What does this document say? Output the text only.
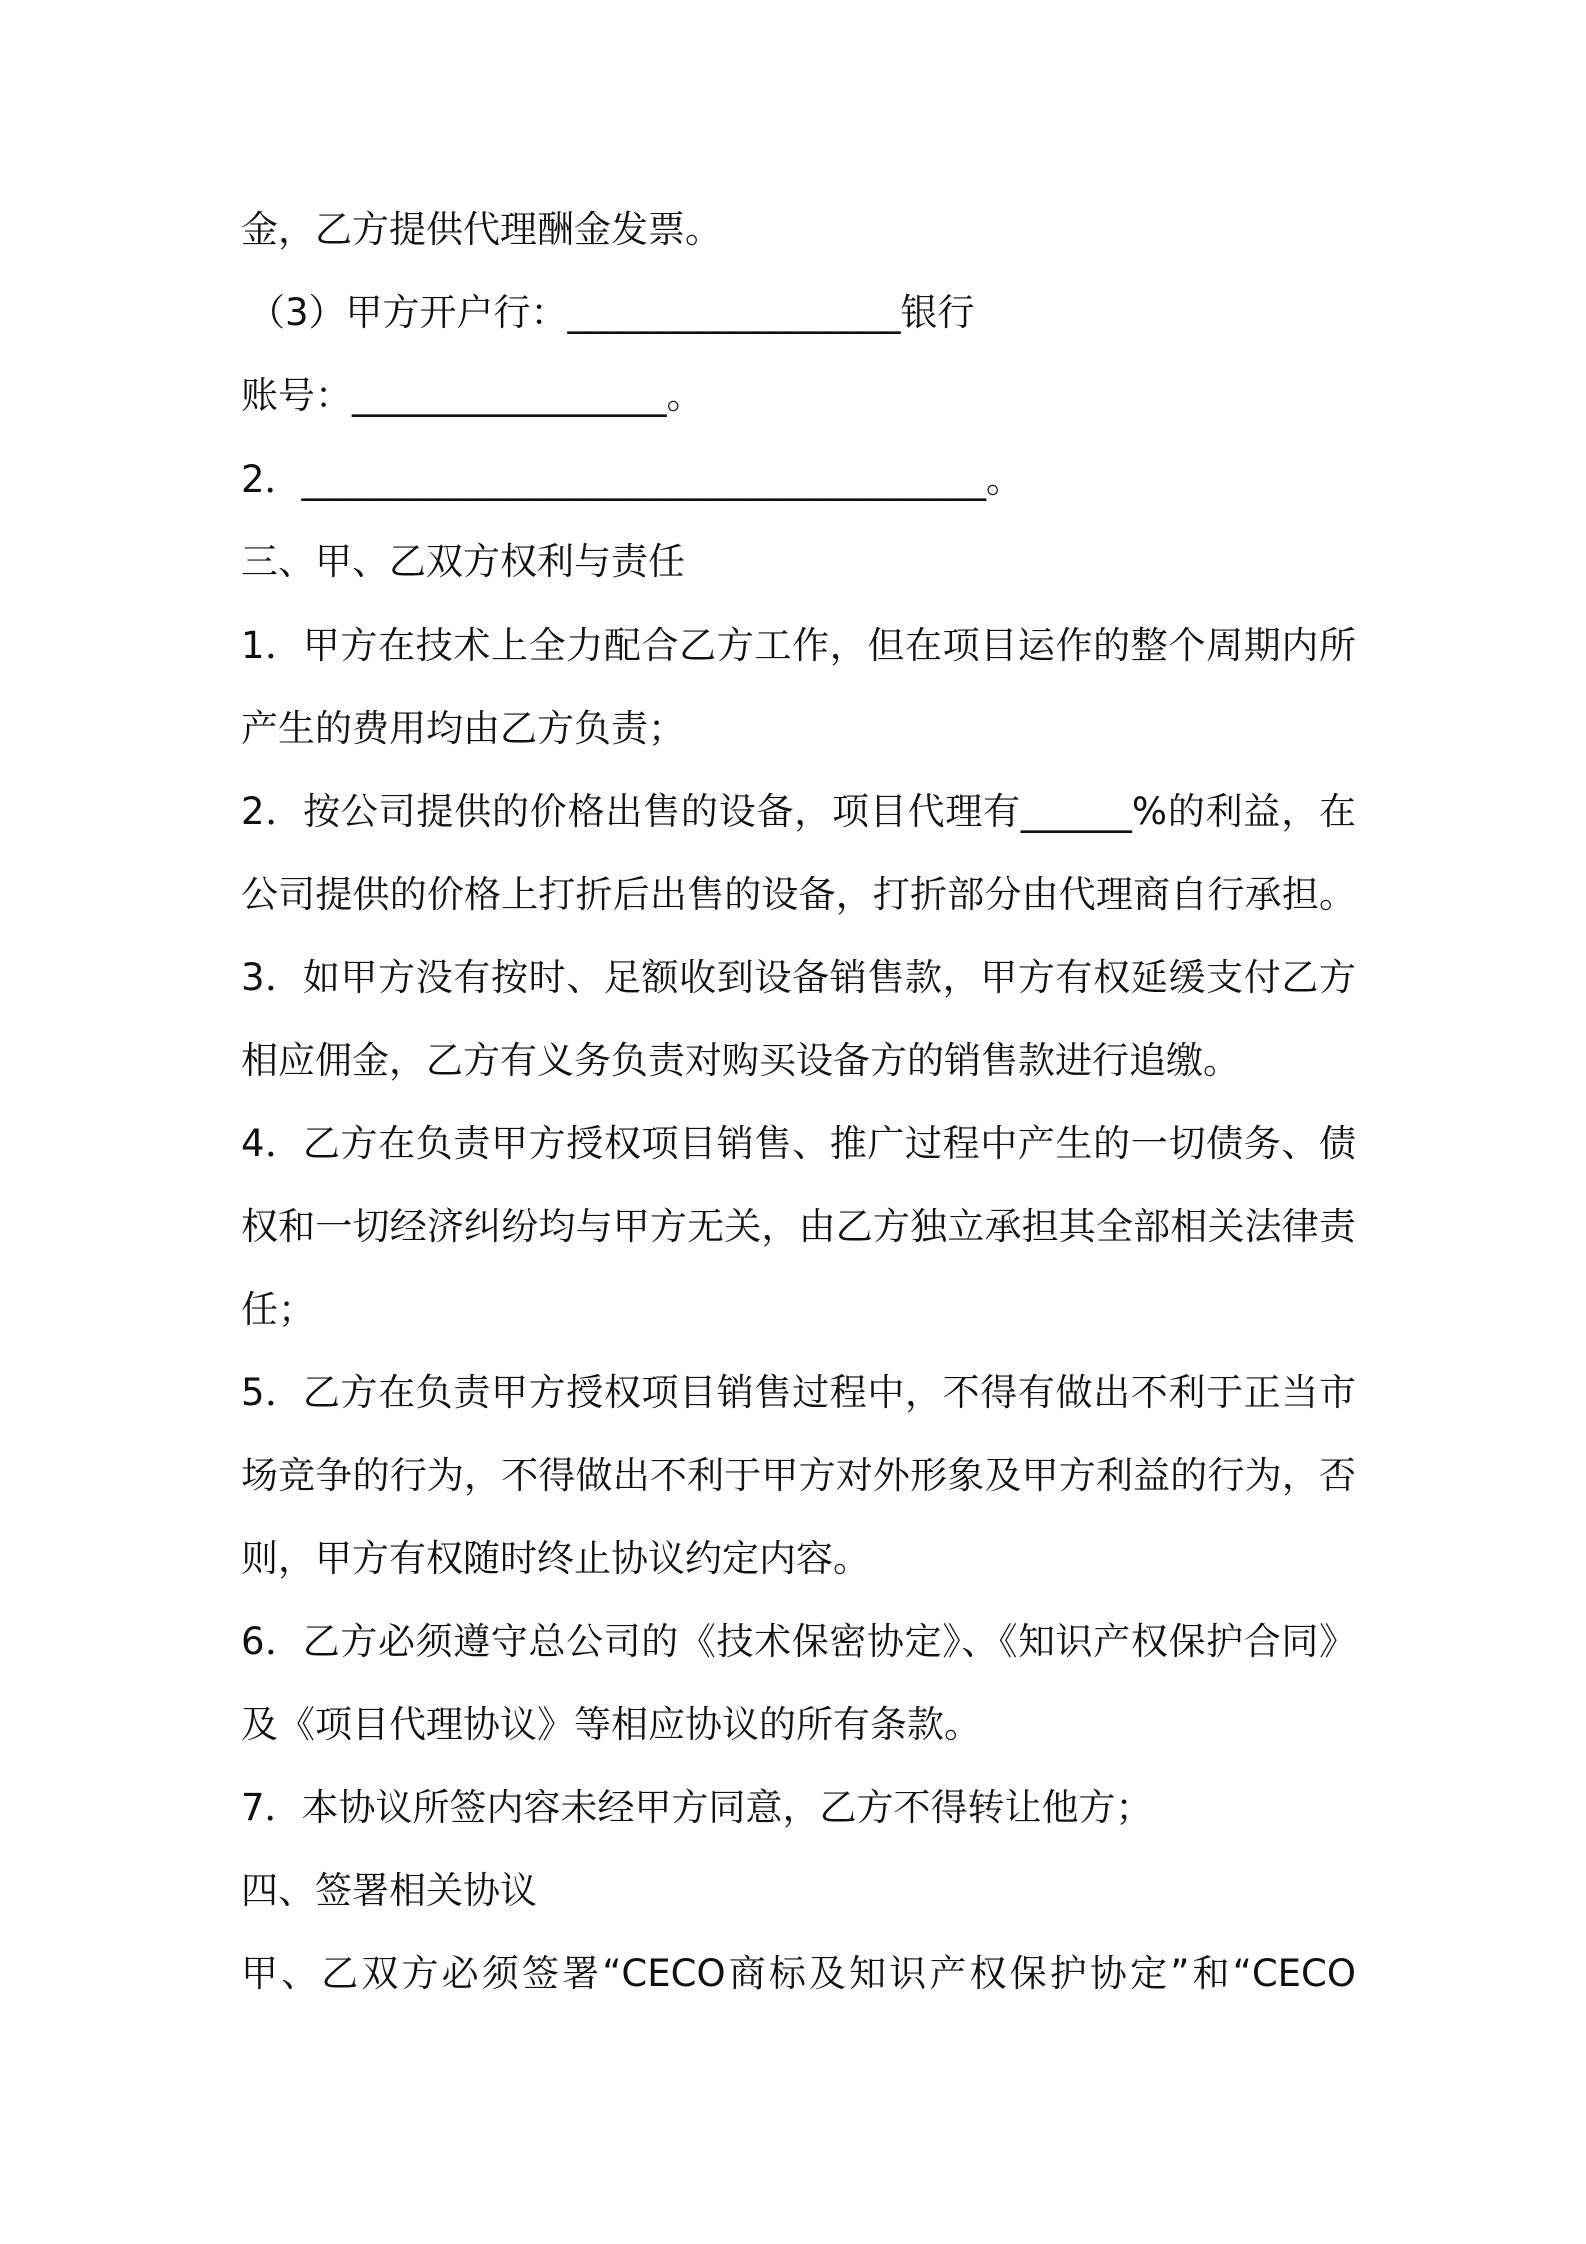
金，乙方提供代理酬金发票。
（3）甲方开户行：__________________银行
账号：_________________。
2．_____________________________________。
三、甲、乙双方权利与责任
1．甲方在技术上全力配合乙方工作，但在项目运作的整个周期内所
产生的费用均由乙方负责；
2．按公司提供的价格出售的设备，项目代理有______%的利益，在
公司提供的价格上打折后出售的设备，打折部分由代理商自行承担。
3．如甲方没有按时、足额收到设备销售款，甲方有权延缓支付乙方
相应佣金，乙方有义务负责对购买设备方的销售款进行追缴。
4．乙方在负责甲方授权项目销售、推广过程中产生的一切债务、债
权和一切经济纠纷均与甲方无关，由乙方独立承担其全部相关法律责
任；
5．乙方在负责甲方授权项目销售过程中，不得有做出不利于正当市
场竞争的行为，不得做出不利于甲方对外形象及甲方利益的行为，否
则，甲方有权随时终止协议约定内容。
6．乙方必须遵守总公司的《技术保密协定》、《知识产权保护合同》
及《项目代理协议》等相应协议的所有条款。
7．本协议所签内容未经甲方同意，乙方不得转让他方；
四、签署相关协议
甲、乙双方必须签署“CECO商标及知识产权保护协定”和“CECO
